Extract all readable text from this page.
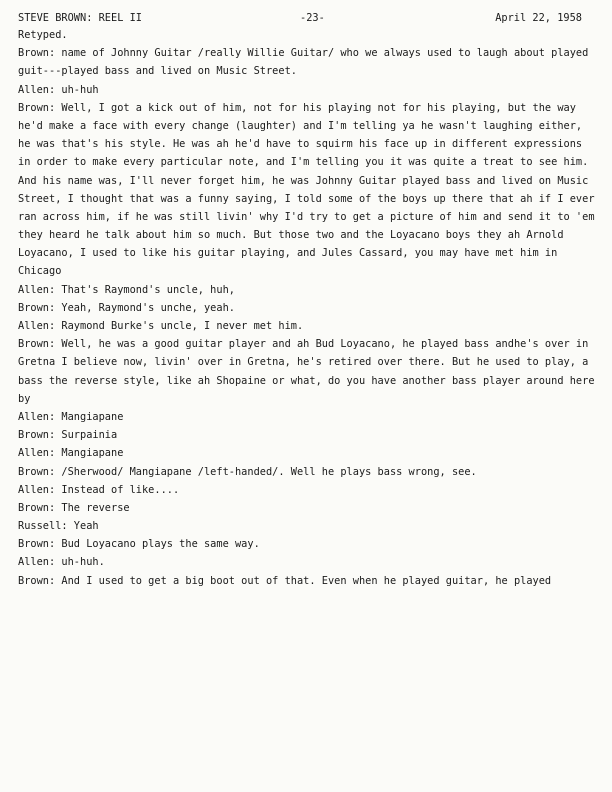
STEVE BROWN: REEL II	-23-	April 22, 1958
Retyped.
Brown: name of Johnny Guitar /really Willie Guitar/ who we always used to laugh about played
guit---played bass and lived on Music Street.
Allen: uh-huh
Brown: Well, I got a kick out of him, not for his playing not for his playing, but the way
he'd make a face with every change (laughter) and I'm telling ya he wasn't laughing either,
he was that's his style. He was ah he'd have to squirm his face up in different expressions
in order to make every particular note, and I'm telling you it was quite a treat to see him.
And his name was, I'll never forget him, he was Johnny Guitar played bass and lived on Music
Street, I thought that was a funny saying, I told some of the boys up there that ah if I ever
ran across him, if he was still livin' why I'd try to get a picture of him and send it to 'em
they heard he talk about him so much. But those two and the Loyacano boys they ah Arnold
Loyacano, I used to like his guitar playing, and Jules Cassard, you may have met him in
Chicago
Allen: That's Raymond's uncle, huh,
Brown: Yeah, Raymond's unche, yeah.
Allen: Raymond Burke's uncle, I never met him.
Brown: Well, he was a good guitar player and ah Bud Loyacano, he played bass andhe's over in
Gretna I believe now, livin' over in Gretna, he's retired over there. But he used to play, a
bass the reverse style, like ah Shopaine or what, do you have another bass player around here
by
Allen: Mangiapane
Brown: Surpainia
Allen: Mangiapane
Brown: /Sherwood/ Mangiapane /left-handed/. Well he plays bass wrong, see.
Allen: Instead of like....
Brown: The reverse
Russell: Yeah
Brown: Bud Loyacano plays the same way.
Allen: uh-huh.
Brown: And I used to get a big boot out of that. Even when he played guitar, he played
